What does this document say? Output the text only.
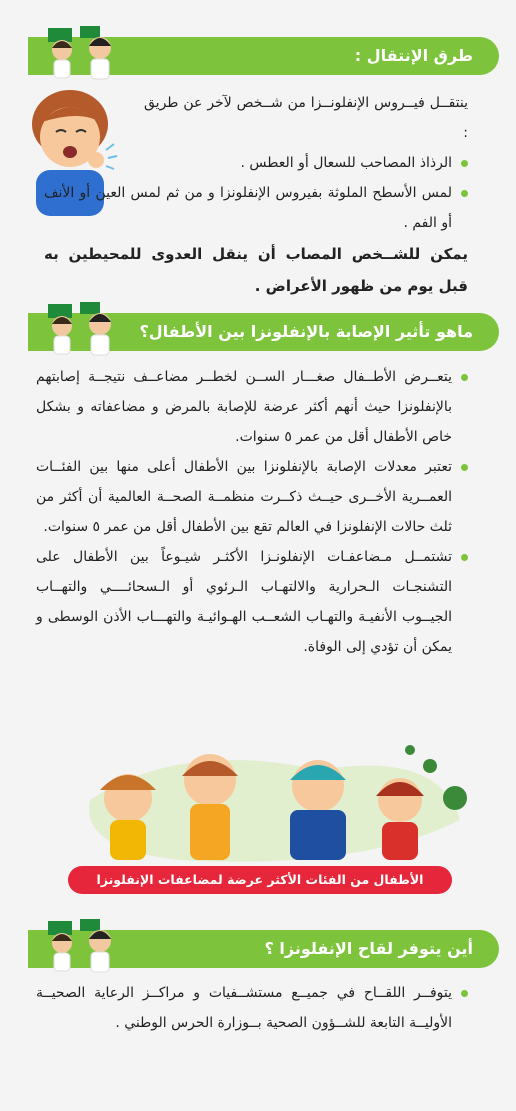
طرق الإنتقال :

ينتقــل فيــروس الإنفلونــزا من شــخص لآخر عن طريق :

الرذاذ المصاحب للسعال أو العطس .

لمس الأسطح الملوثة بفيروس الإنفلونزا و من ثم لمس العين أو الأنف أو الفم .

يمكن للشــخص المصاب أن ينقل العدوى للمحيطين به قبل يوم من ظهور الأعراض .

ماهو تأثير الإصابة بالإنفلونزا بين الأطفال؟

يتعــرض الأطــفال صغـــار الســن لخطــر مضاعــف نتيجــة إصابتهم بالإنفلونزا حيث أنهم أكثر عرضة للإصابة بالمرض و مضاعفاته و بشكل خاص الأطفال أقل من عمر ٥ سنوات.

تعتبر معدلات الإصابة بالإنفلونزا بين الأطفال أعلى منها بين الفئــات العمــرية الأخــرى حيــث ذكــرت منظمــة الصحــة العالمية أن أكثر من ثلث حالات الإنفلونزا في العالم تقع بين الأطفال أقل من عمر ٥ سنوات.

تشتمــل مـضاعفـات الإنفلونـزا الأكثـر شيـوعاً بين الأطفال على التشنجـات الـحرارية والالتهـاب الـرئوي أو الـسحائــــي والتهــاب الجيــوب الأنفيـة والتهـاب الشعــب الهـوائيـة والتهـــاب الأذن الوسطى و يمكن أن تؤدي إلى الوفاة.

الأطفال من الفئات الأكثر عرضة لمضاعفات الإنفلونزا
أين يتوفر لقاح الإنفلونزا ؟

يتوفــر اللقــاح في جميــع مستشــفيات و مراكــز الرعاية الصحيــة الأوليــة التابعة للشــؤون الصحية بــوزارة الحرس الوطني .
